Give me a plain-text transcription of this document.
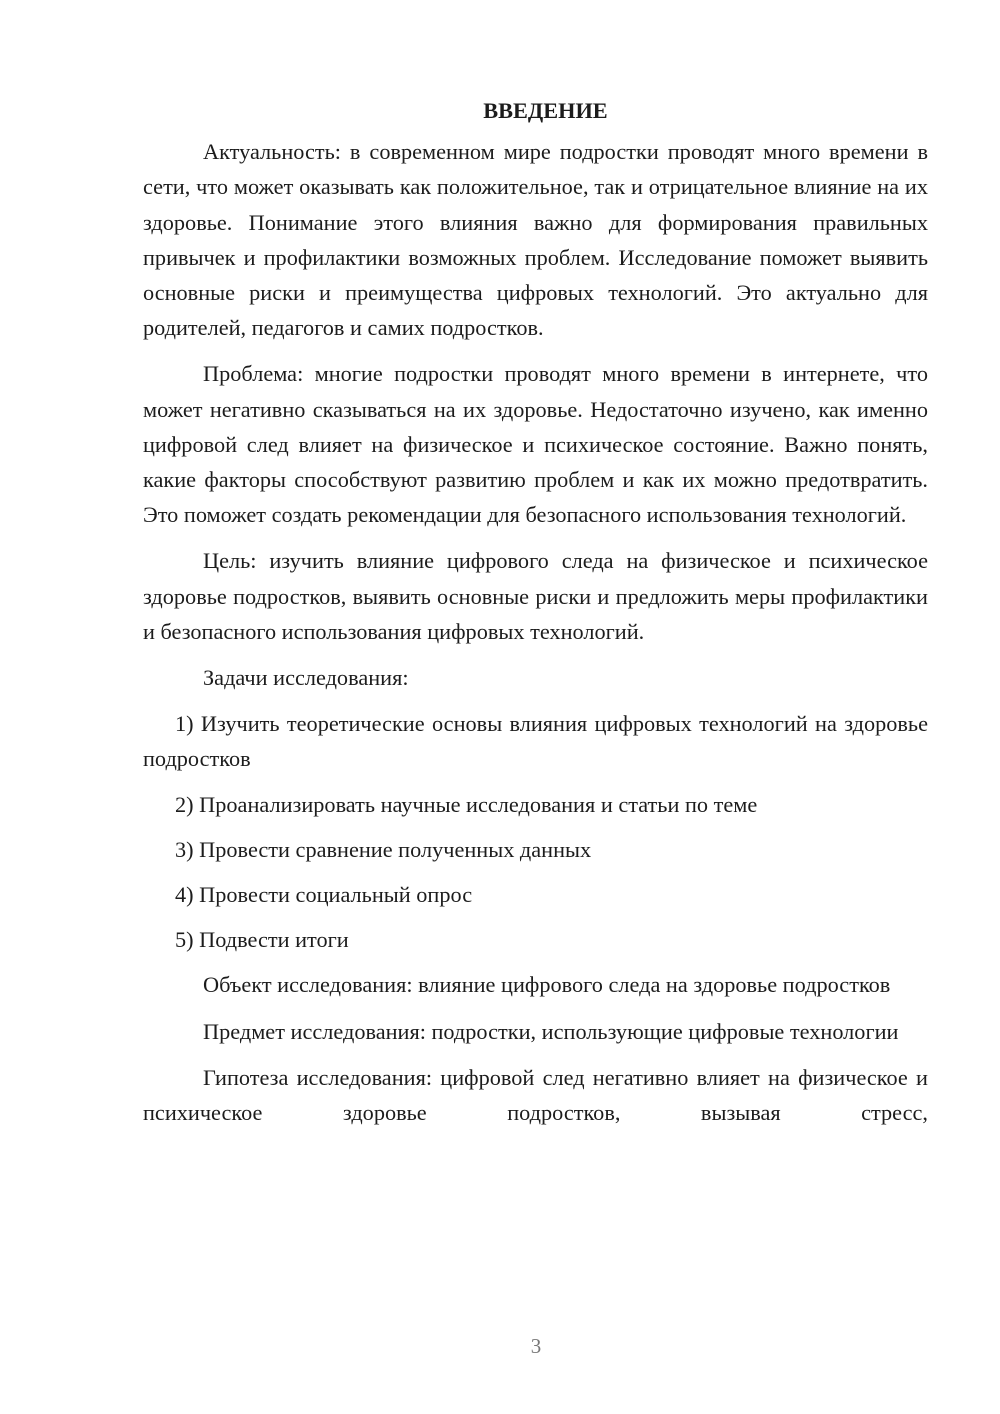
ВВЕДЕНИЕ

Актуальность: в современном мире подростки проводят много времени в сети, что может оказывать как положительное, так и отрицательное влияние на их здоровье. Понимание этого влияния важно для формирования правильных привычек и профилактики возможных проблем. Исследование поможет выявить основные риски и преимущества цифровых технологий. Это актуально для родителей, педагогов и самих подростков.

Проблема: многие подростки проводят много времени в интернете, что может негативно сказываться на их здоровье. Недостаточно изучено, как именно цифровой след влияет на физическое и психическое состояние. Важно понять, какие факторы способствуют развитию проблем и как их можно предотвратить. Это поможет создать рекомендации для безопасного использования технологий.

Цель: изучить влияние цифрового следа на физическое и психическое здоровье подростков, выявить основные риски и предложить меры профилактики и безопасного использования цифровых технологий.

Задачи исследования:

1) Изучить теоретические основы влияния цифровых технологий на здоровье подростков

2) Проанализировать научные исследования и статьи по теме

3) Провести сравнение полученных данных

4) Провести социальный опрос

5) Подвести итоги

Объект исследования: влияние цифрового следа на здоровье подростков

Предмет исследования: подростки, использующие цифровые технологии

Гипотеза исследования: цифровой след негативно влияет на физическое и психическое здоровье подростков, вызывая стресс,

3
